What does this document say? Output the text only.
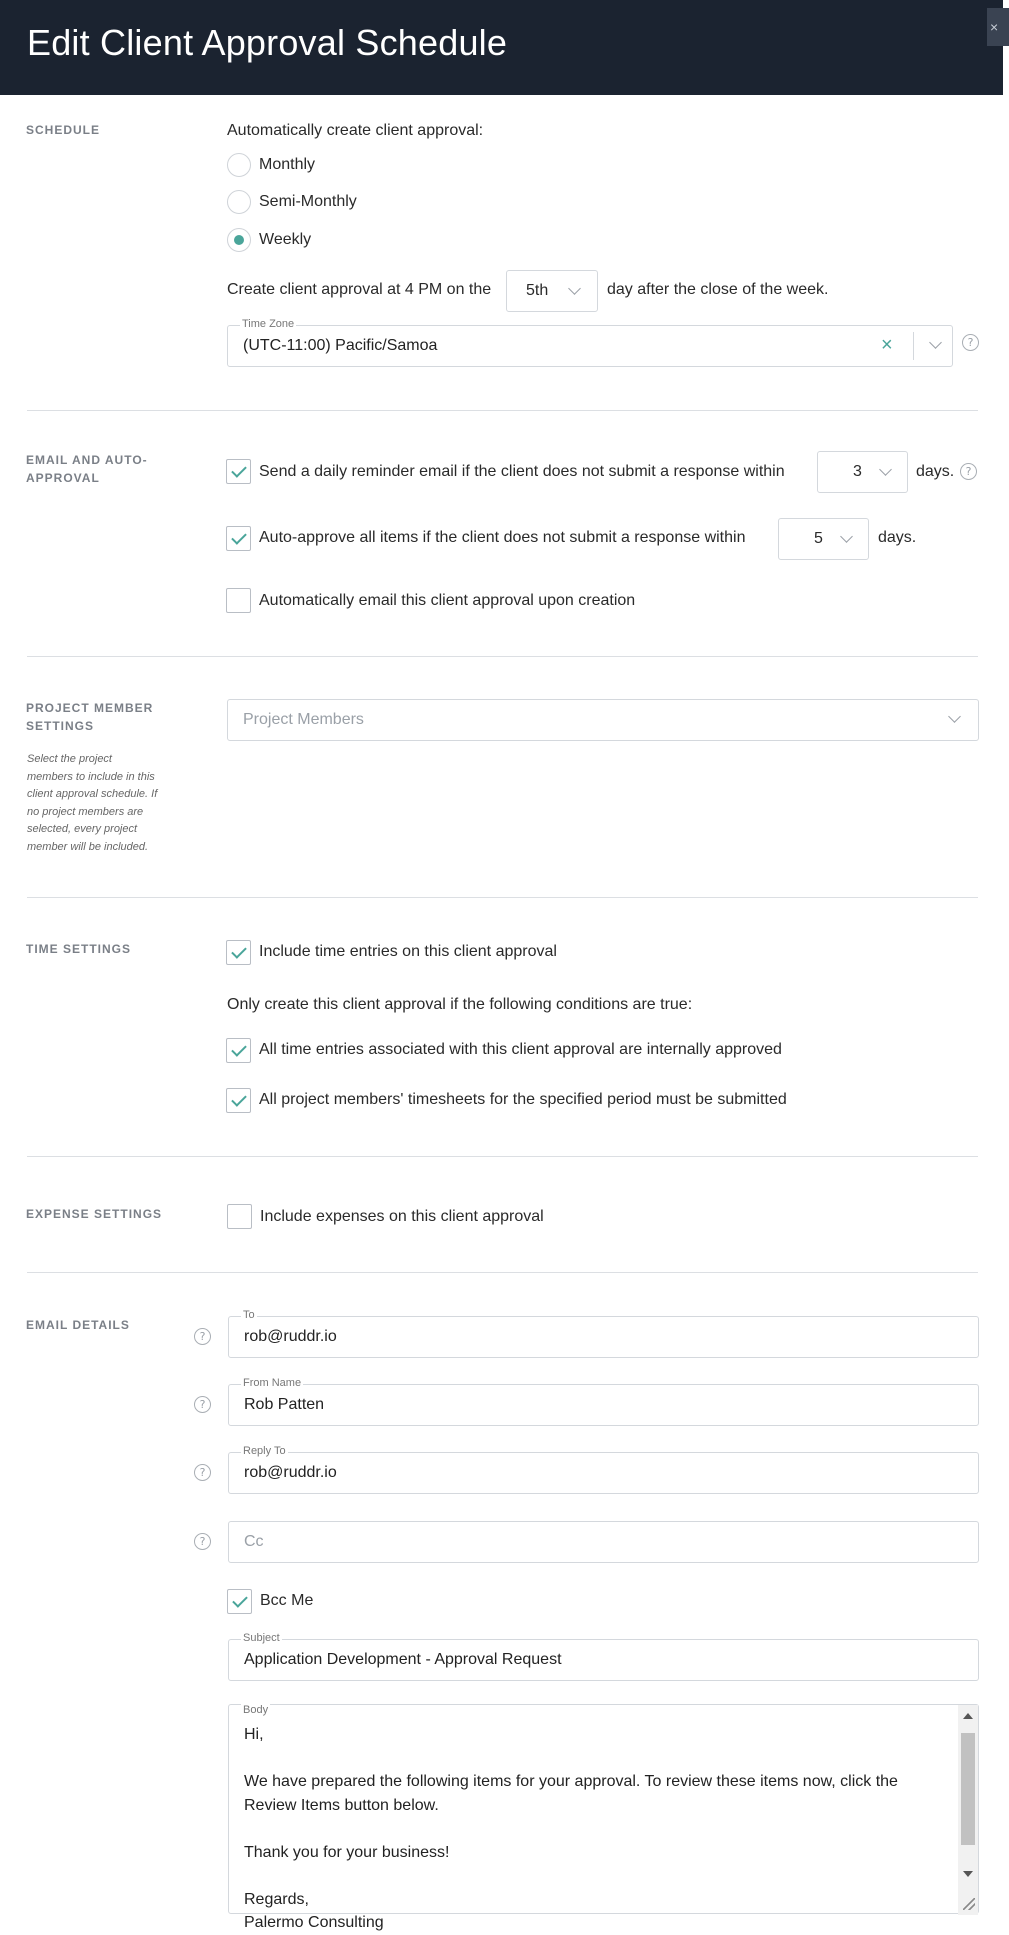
Edit Client Approval Schedule	×
SCHEDULE	Automatically create client approval:
Monthly
Semi-Monthly
Weekly
Create client approval at 4 PM on the 5th	day after the close of the week.
Time Zone
(UTC-11:00) Pacific/Samoa	×	?
EMAIL AND AUTO-
APPROVAL	Send a daily reminder email if the client does not submit a response within	3	days.	?
Auto-approve all items if the client does not submit a response within	5	days.
Automatically email this client approval upon creation
PROJECT MEMBER
SETTINGS
Select the project
members to include in this
client approval schedule. If
no project members are
selected, every project
member will be included.
Project Members
TIME SETTINGS	Include time entries on this client approval
Only create this client approval if the following conditions are true:
All time entries associated with this client approval are internally approved
All project members' timesheets for the specified period must be submitted
EXPENSE SETTINGS	Include expenses on this client approval
EMAIL DETAILS
?
To
rob@ruddr.io
?
From Name
Rob Patten
?
Reply To
rob@ruddr.io
?	Cc
Bcc Me
Subject
Application Development - Approval Request
Body
Hi,

We have prepared the following items for your approval. To review these items now, click the Review Items button below.

Thank you for your business!

Regards,
Palermo Consulting
